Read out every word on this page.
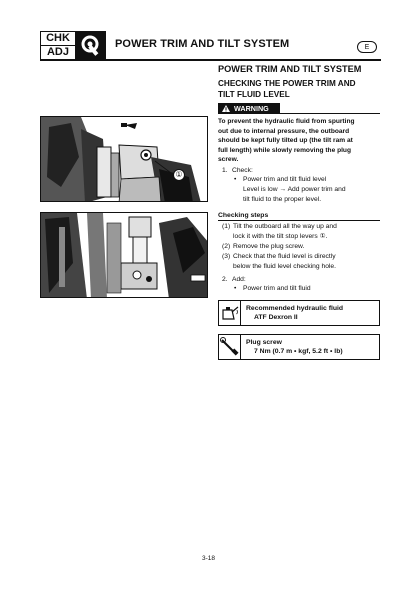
CHK
ADJ
POWER TRIM AND TILT SYSTEM	E
①
POWER TRIM AND TILT SYSTEM
CHECKING THE POWER TRIM AND
TILT FLUID LEVEL
WARNING
To prevent the hydraulic fluid from spurting
out due to internal pressure, the outboard
should be kept fully tilted up (the tilt ram at
full length) while slowly removing the plug
screw.
1. Check:
• Power trim and tilt fluid level
Level is low → Add power trim and
tilt fluid to the proper level.
Checking steps
(1) Tilt the outboard all the way up and
lock it with the tilt stop levers ①.
(2) Remove the plug screw.
(3) Check that the fluid level is directly
below the fluid level checking hole.
2. Add:
• Power trim and tilt fluid
Recommended hydraulic fluid
ATF Dexron II
Plug screw
7 Nm (0.7 m • kgf, 5.2 ft • lb)
3-18
